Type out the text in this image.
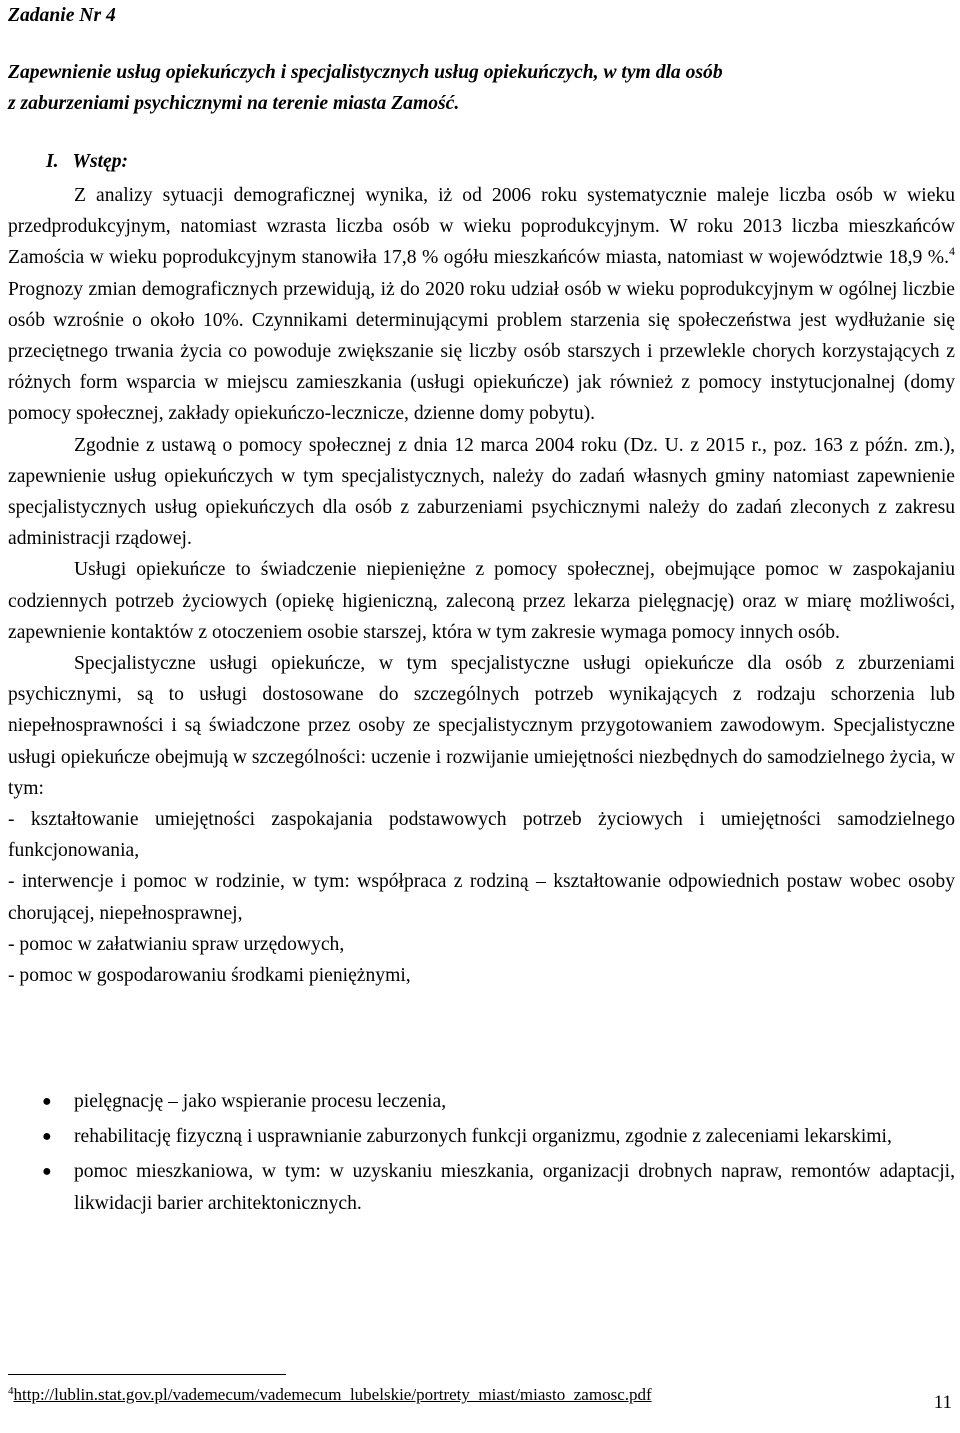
Zadanie Nr 4
Zapewnienie usług opiekuńczych i specjalistycznych usług opiekuńczych, w tym dla osób
z zaburzeniami psychicznymi na terenie miasta Zamość.
I. Wstęp:

Z analizy sytuacji demograficznej wynika, iż od 2006 roku systematycznie maleje liczba osób w wieku przedprodukcyjnym, natomiast wzrasta liczba osób w wieku poprodukcyjnym. W roku 2013 liczba mieszkańców Zamościa w wieku poprodukcyjnym stanowiła 17,8 % ogółu mieszkańców miasta, natomiast w województwie 18,9 %.$^4$ Prognozy zmian demograficznych przewidują, iż do 2020 roku udział osób w wieku poprodukcyjnym w ogólnej liczbie osób wzrośnie o około 10%. Czynnikami determinującymi problem starzenia się społeczeństwa jest wydłużanie się przeciętnego trwania życia co powoduje zwiększanie się liczby osób starszych i przewlekle chorych korzystających z różnych form wsparcia w miejscu zamieszkania (usługi opiekuńcze) jak również z pomocy instytucjonalnej (domy pomocy społecznej, zakłady opiekuńczo-lecznicze, dzienne domy pobytu).

Zgodnie z ustawą o pomocy społecznej z dnia 12 marca 2004 roku (Dz. U. z 2015 r., poz. 163 z późn. zm.), zapewnienie usług opiekuńczych w tym specjalistycznych, należy do zadań własnych gminy natomiast zapewnienie specjalistycznych usług opiekuńczych dla osób z zaburzeniami psychicznymi należy do zadań zleconych z zakresu administracji rządowej.

Usługi opiekuńcze to świadczenie niepieniężne z pomocy społecznej, obejmujące pomoc w zaspokajaniu codziennych potrzeb życiowych (opiekę higieniczną, zaleconą przez lekarza pielęgnację) oraz w miarę możliwości, zapewnienie kontaktów z otoczeniem osobie starszej, która w tym zakresie wymaga pomocy innych osób.

Specjalistyczne usługi opiekuńcze, w tym specjalistyczne usługi opiekuńcze dla osób z zburzeniami psychicznymi, są to usługi dostosowane do szczególnych potrzeb wynikających z rodzaju schorzenia lub niepełnosprawności i są świadczone przez osoby ze specjalistycznym przygotowaniem zawodowym. Specjalistyczne usługi opiekuńcze obejmują w szczególności: uczenie i rozwijanie umiejętności niezbędnych do samodzielnego życia, w tym:

- kształtowanie umiejętności zaspokajania podstawowych potrzeb życiowych i umiejętności samodzielnego funkcjonowania,

- interwencje i pomoc w rodzinie, w tym: współpraca z rodziną – kształtowanie odpowiednich postaw wobec osoby chorującej, niepełnosprawnej,

- pomoc w załatwianiu spraw urzędowych,

- pomoc w gospodarowaniu środkami pieniężnymi,

● pielęgnację – jako wspieranie procesu leczenia,
● rehabilitację fizyczną i usprawnianie zaburzonych funkcji organizmu, zgodnie z zaleceniami lekarskimi,
● pomoc mieszkaniowa, w tym: w uzyskaniu mieszkania, organizacji drobnych napraw, remontów adaptacji, likwidacji barier architektonicznych.
$^4$http://lublin.stat.gov.pl/vademecum/vademecum_lubelskie/portrety_miast/miasto_zamosc.pdf	11
